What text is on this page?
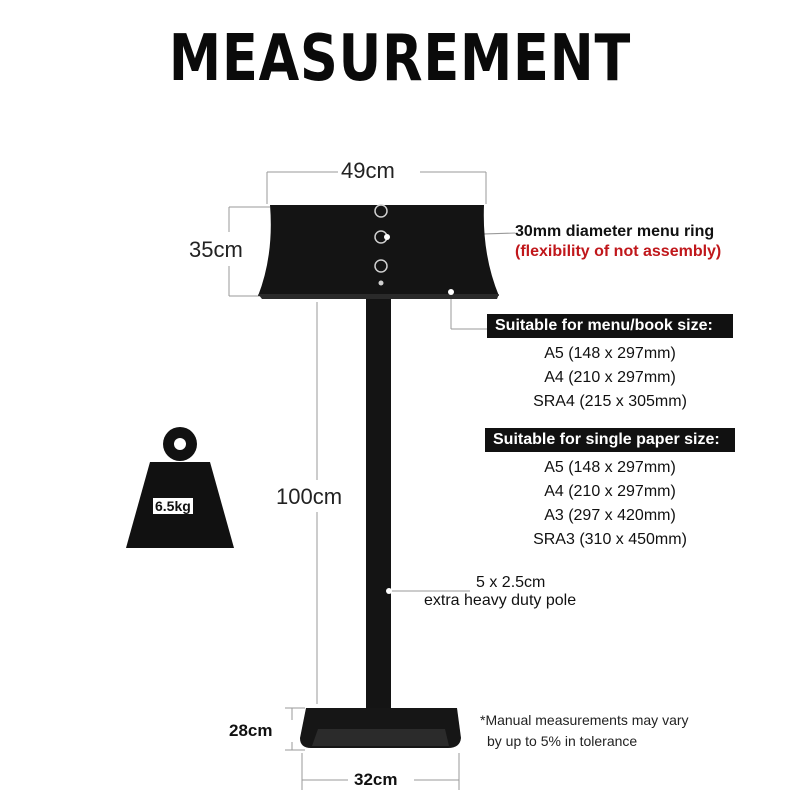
MEASUREMENT
49cm
35cm
100cm
28cm
32cm
30mm diameter menu ring
(flexibility of not assembly)
Suitable for menu/book size:
A5 (148 x 297mm)
A4 (210 x 297mm)
SRA4 (215 x 305mm)
Suitable for single paper size:
A5 (148 x 297mm)
A4 (210 x 297mm)
A3 (297 x 420mm)
SRA3 (310 x 450mm)
5 x 2.5cm
extra heavy duty pole
6.5kg
*Manual measurements may vary
by up to 5% in tolerance
